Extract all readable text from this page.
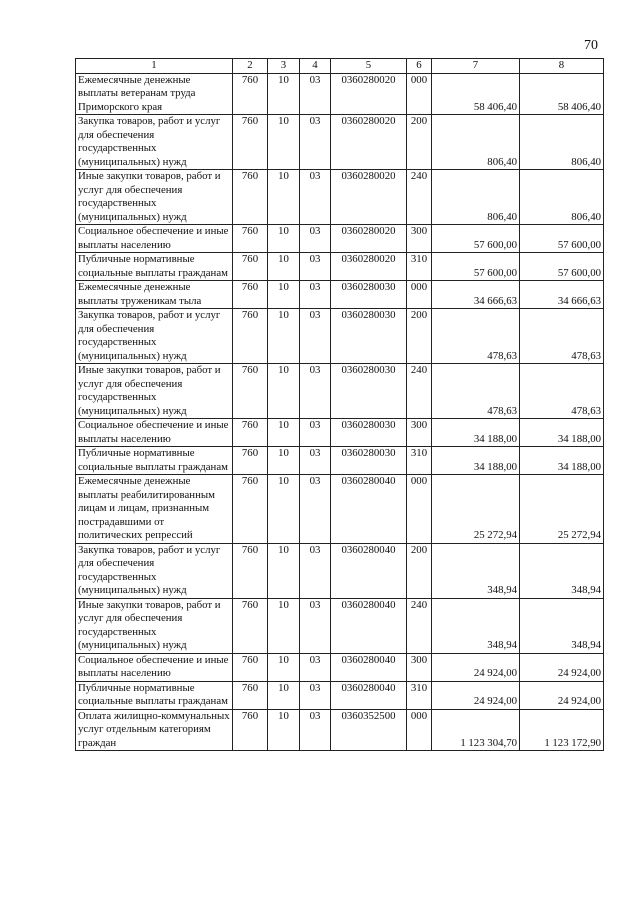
70
1	2	3	4	5	6	7	8
Ежемесячные денежные выплаты ветеранам труда Приморского края	760	10	03	0360280020	000	58 406,40	58 406,40
Закупка товаров, работ и услуг для обеспечения государственных (муниципальных) нужд	760	10	03	0360280020	200	806,40	806,40
Иные закупки товаров, работ и услуг для обеспечения государственных (муниципальных) нужд	760	10	03	0360280020	240	806,40	806,40
Социальное обеспечение и иные выплаты населению	760	10	03	0360280020	300	57 600,00	57 600,00
Публичные нормативные социальные выплаты гражданам	760	10	03	0360280020	310	57 600,00	57 600,00
Ежемесячные денежные выплаты труженикам тыла	760	10	03	0360280030	000	34 666,63	34 666,63
Закупка товаров, работ и услуг для обеспечения государственных (муниципальных) нужд	760	10	03	0360280030	200	478,63	478,63
Иные закупки товаров, работ и услуг для обеспечения государственных (муниципальных) нужд	760	10	03	0360280030	240	478,63	478,63
Социальное обеспечение и иные выплаты населению	760	10	03	0360280030	300	34 188,00	34 188,00
Публичные нормативные социальные выплаты гражданам	760	10	03	0360280030	310	34 188,00	34 188,00
Ежемесячные денежные выплаты реабилитированным лицам и лицам, признанным пострадавшими от политических репрессий	760	10	03	0360280040	000	25 272,94	25 272,94
Закупка товаров, работ и услуг для обеспечения государственных (муниципальных) нужд	760	10	03	0360280040	200	348,94	348,94
Иные закупки товаров, работ и услуг для обеспечения государственных (муниципальных) нужд	760	10	03	0360280040	240	348,94	348,94
Социальное обеспечение и иные выплаты населению	760	10	03	0360280040	300	24 924,00	24 924,00
Публичные нормативные социальные выплаты гражданам	760	10	03	0360280040	310	24 924,00	24 924,00
Оплата жилищно-коммунальных услуг отдельным категориям граждан	760	10	03	0360352500	000	1 123 304,70	1 123 172,90
